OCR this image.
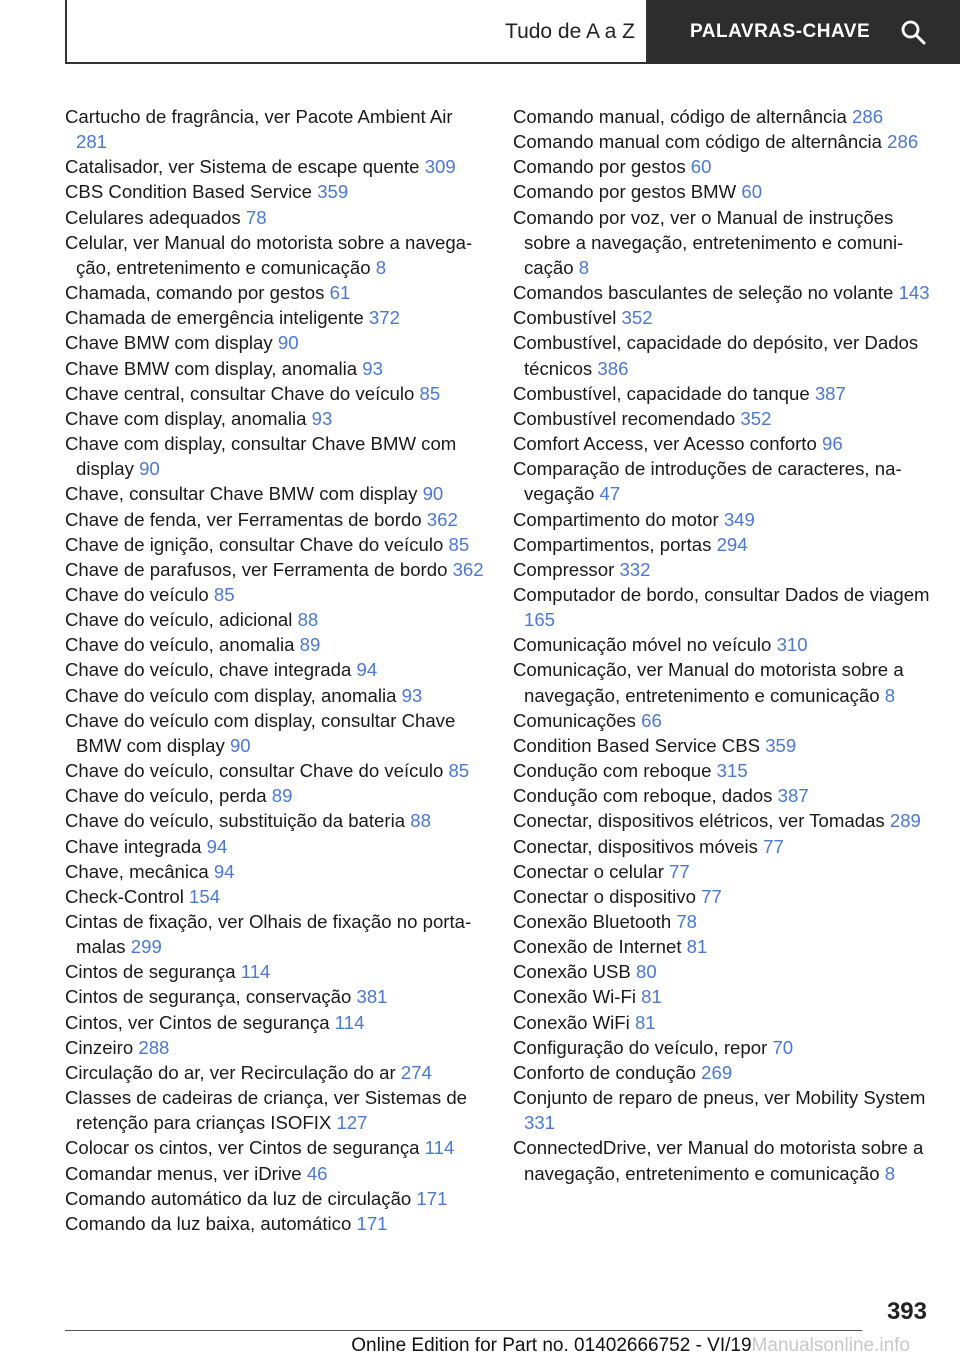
Tudo de A a Z	PALAVRAS-CHAVE
Cartucho de fragrância, ver Pacote Ambient Air 281
Catalisador, ver Sistema de escape quente 309
CBS Condition Based Service 359
Celulares adequados 78
Celular, ver Manual do motorista sobre a navegação, entretenimento e comunicação 8
Chamada, comando por gestos 61
Chamada de emergência inteligente 372
Chave BMW com display 90
Chave BMW com display, anomalia 93
Chave central, consultar Chave do veículo 85
Chave com display, anomalia 93
Chave com display, consultar Chave BMW com display 90
Chave, consultar Chave BMW com display 90
Chave de fenda, ver Ferramentas de bordo 362
Chave de ignição, consultar Chave do veículo 85
Chave de parafusos, ver Ferramenta de bordo 362
Chave do veículo 85
Chave do veículo, adicional 88
Chave do veículo, anomalia 89
Chave do veículo, chave integrada 94
Chave do veículo com display, anomalia 93
Chave do veículo com display, consultar Chave BMW com display 90
Chave do veículo, consultar Chave do veículo 85
Chave do veículo, perda 89
Chave do veículo, substituição da bateria 88
Chave integrada 94
Chave, mecânica 94
Check-Control 154
Cintas de fixação, ver Olhais de fixação no porta-malas 299
Cintos de segurança 114
Cintos de segurança, conservação 381
Cintos, ver Cintos de segurança 114
Cinzeiro 288
Circulação do ar, ver Recirculação do ar 274
Classes de cadeiras de criança, ver Sistemas de retenção para crianças ISOFIX 127
Colocar os cintos, ver Cintos de segurança 114
Comandar menus, ver iDrive 46
Comando automático da luz de circulação 171
Comando da luz baixa, automático 171
Comando manual, código de alternância 286
Comando manual com código de alternância 286
Comando por gestos 60
Comando por gestos BMW 60
Comando por voz, ver o Manual de instruções sobre a navegação, entretenimento e comunicação 8
Comandos basculantes de seleção no volante 143
Combustível 352
Combustível, capacidade do depósito, ver Dados técnicos 386
Combustível, capacidade do tanque 387
Combustível recomendado 352
Comfort Access, ver Acesso conforto 96
Comparação de introduções de caracteres, navegação 47
Compartimento do motor 349
Compartimentos, portas 294
Compressor 332
Computador de bordo, consultar Dados de viagem 165
Comunicação móvel no veículo 310
Comunicação, ver Manual do motorista sobre a navegação, entretenimento e comunicação 8
Comunicações 66
Condition Based Service CBS 359
Condução com reboque 315
Condução com reboque, dados 387
Conectar, dispositivos elétricos, ver Tomadas 289
Conectar, dispositivos móveis 77
Conectar o celular 77
Conectar o dispositivo 77
Conexão Bluetooth 78
Conexão de Internet 81
Conexão USB 80
Conexão Wi-Fi 81
Conexão WiFi 81
Configuração do veículo, repor 70
Conforto de condução 269
Conjunto de reparo de pneus, ver Mobility System 331
ConnectedDrive, ver Manual do motorista sobre a navegação, entretenimento e comunicação 8
393
Online Edition for Part no. 01402666752 - VI/19 Manualsonline.info
